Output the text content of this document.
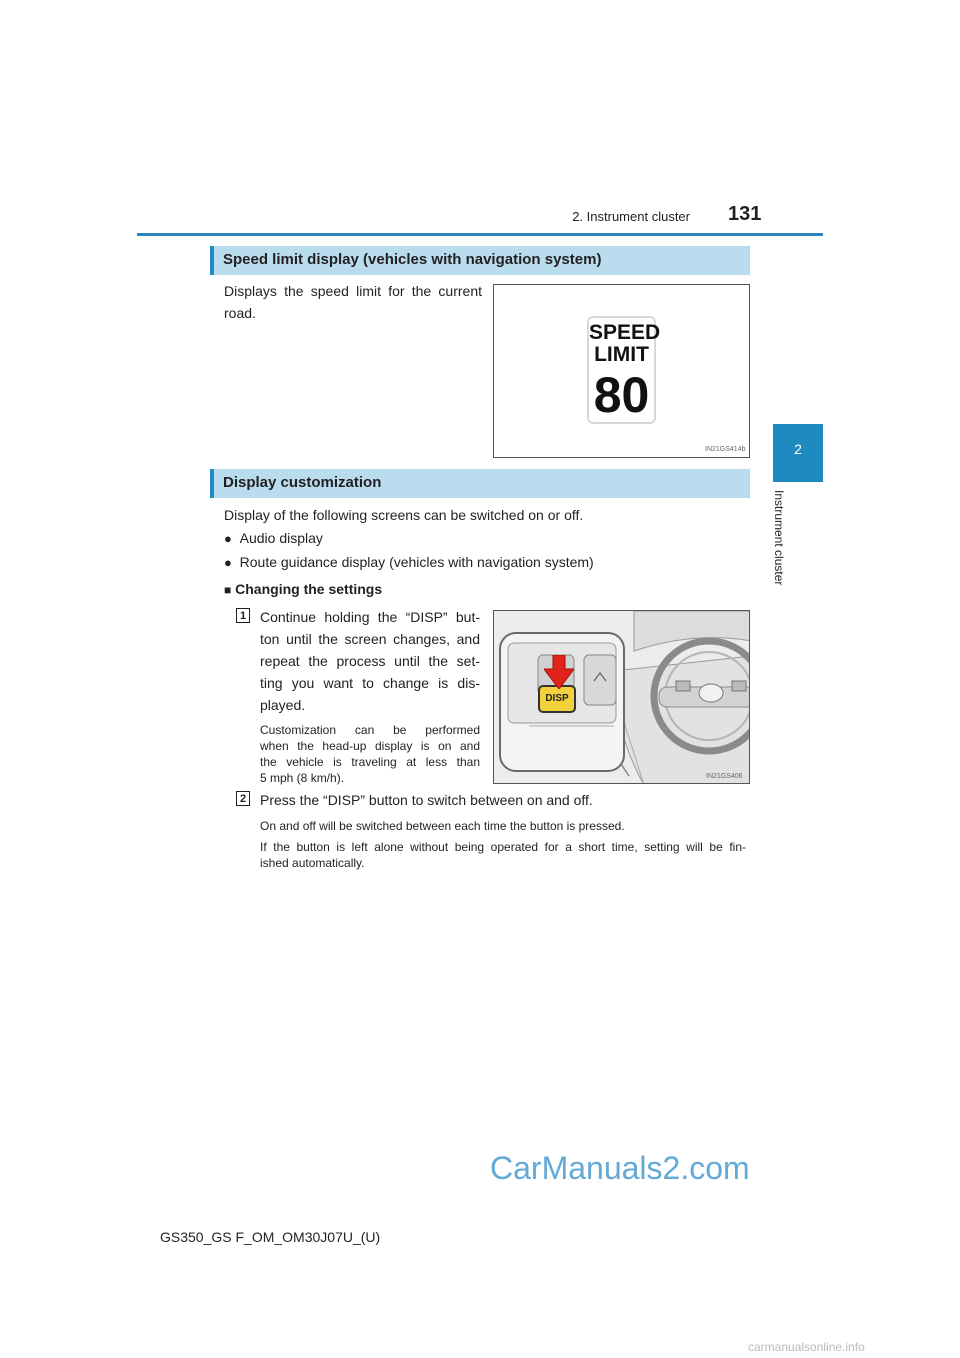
2. Instrument cluster 131
2
Instrument cluster
Speed limit display (vehicles with navigation system)
Displays the speed limit for the current
road.
IN21GS414b
SPEED
LIMIT
80
Display customization
Display of the following screens can be switched on or off.
● Audio display
● Route guidance display (vehicles with navigation system)
■ Changing the settings
1 Continue holding the “DISP” but-
ton until the screen changes, and
repeat the process until the set-
ting you want to change is dis-
played.
Customization can be performed
when the head-up display is on and
the vehicle is traveling at less than
5 mph (8 km/h).
DISP
IN21GS406
2 Press the “DISP” button to switch between on and off.
On and off will be switched between each time the button is pressed.
If the button is left alone without being operated for a short time, setting will be fin-
ished automatically.
CarManuals2.com
GS350_GS F_OM_OM30J07U_(U)
carmanualsonline.info
